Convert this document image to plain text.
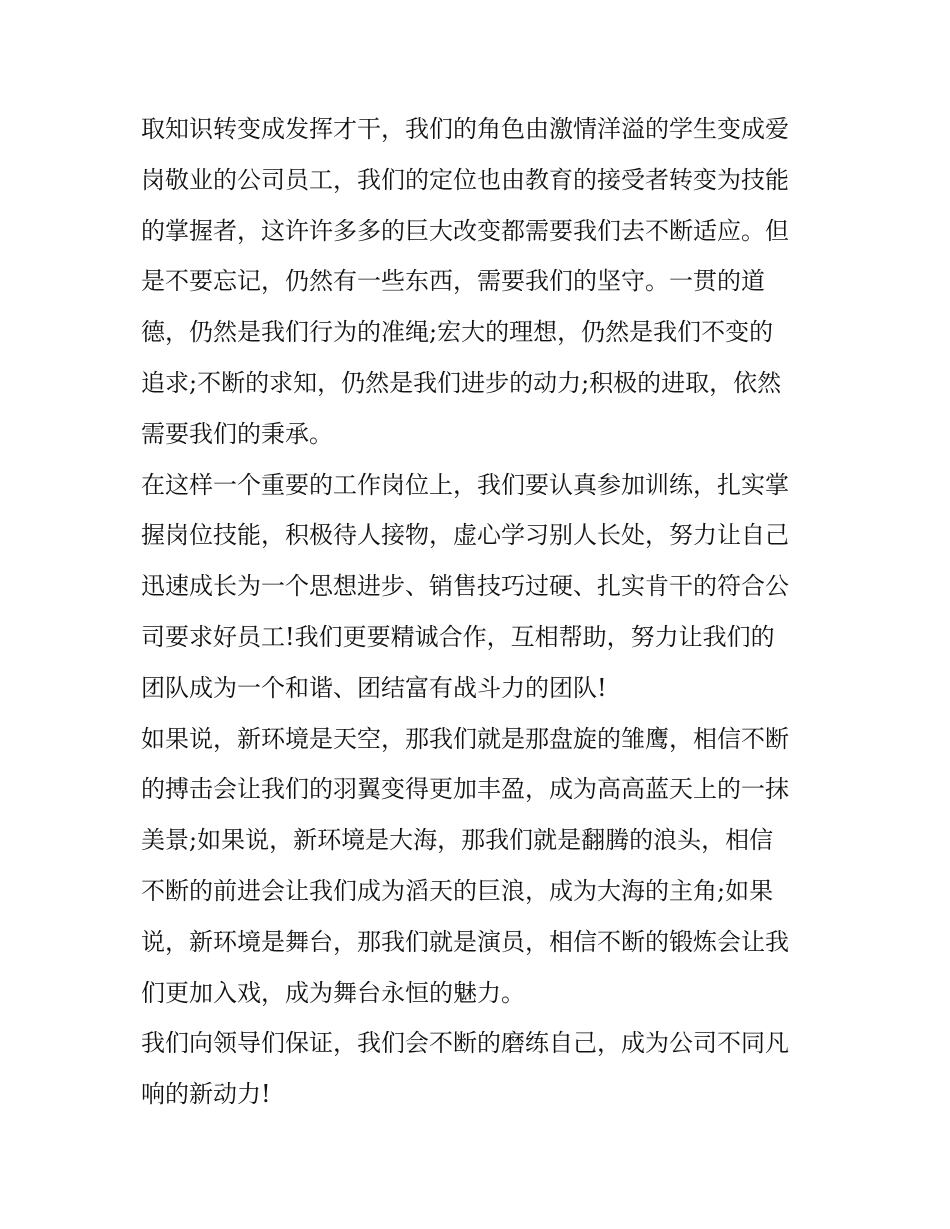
取知识转变成发挥才干，我们的角色由激情洋溢的学生变成爱
岗敬业的公司员工，我们的定位也由教育的接受者转变为技能
的掌握者，这许许多多的巨大改变都需要我们去不断适应。但
是不要忘记，仍然有一些东西，需要我们的坚守。一贯的道
德，仍然是我们行为的准绳;宏大的理想，仍然是我们不变的
追求;不断的求知，仍然是我们进步的动力;积极的进取，依然
需要我们的秉承。
在这样一个重要的工作岗位上，我们要认真参加训练，扎实掌
握岗位技能，积极待人接物，虚心学习别人长处，努力让自己
迅速成长为一个思想进步、销售技巧过硬、扎实肯干的符合公
司要求好员工!我们更要精诚合作，互相帮助，努力让我们的
团队成为一个和谐、团结富有战斗力的团队!
如果说，新环境是天空，那我们就是那盘旋的雏鹰，相信不断
的搏击会让我们的羽翼变得更加丰盈，成为高高蓝天上的一抹
美景;如果说，新环境是大海，那我们就是翻腾的浪头，相信
不断的前进会让我们成为滔天的巨浪，成为大海的主角;如果
说，新环境是舞台，那我们就是演员，相信不断的锻炼会让我
们更加入戏，成为舞台永恒的魅力。
我们向领导们保证，我们会不断的磨练自己，成为公司不同凡
响的新动力!
